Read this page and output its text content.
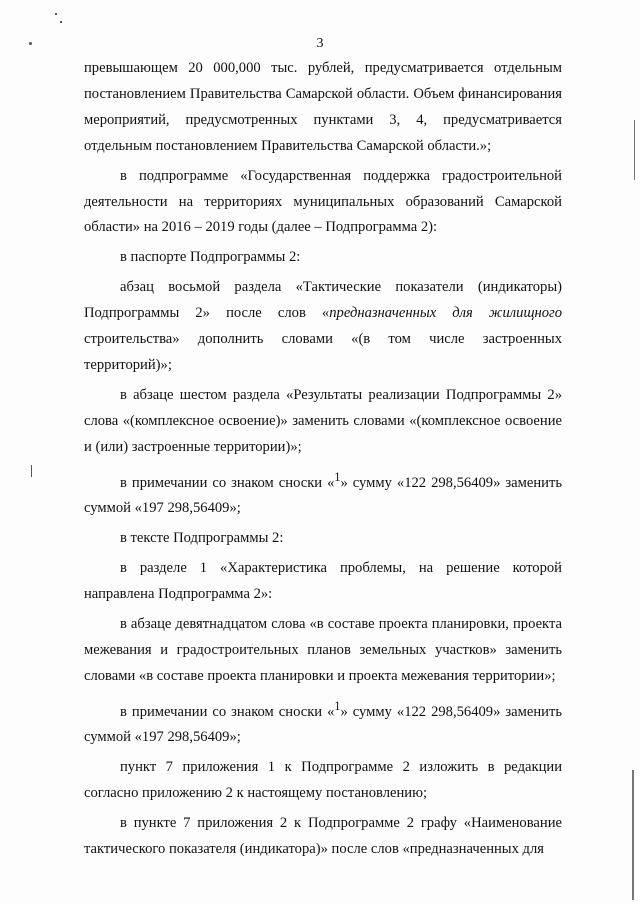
3

превышающем 20 000,000 тыс. рублей, предусматривается отдельным постановлением Правительства Самарской области. Объем финансирования мероприятий, предусмотренных пунктами 3, 4, предусматривается отдельным постановлением Правительства Самарской области.»;

в подпрограмме «Государственная поддержка градостроительной деятельности на территориях муниципальных образований Самарской области» на 2016 – 2019 годы (далее – Подпрограмма 2):

в паспорте Подпрограммы 2:

абзац восьмой раздела «Тактические показатели (индикаторы) Подпрограммы 2» после слов «предназначенных для жилищного строительства» дополнить словами «(в том числе застроенных территорий)»;

в абзаце шестом раздела «Результаты реализации Подпрограммы 2» слова «(комплексное освоение)» заменить словами «(комплексное освоение и (или) застроенные территории)»;

в примечании со знаком сноски «$^1$» сумму «122 298,56409» заменить суммой «197 298,56409»;

в тексте Подпрограммы 2:

в разделе 1 «Характеристика проблемы, на решение которой направлена Подпрограмма 2»:

в абзаце девятнадцатом слова «в составе проекта планировки, проекта межевания и градостроительных планов земельных участков» заменить словами «в составе проекта планировки и проекта межевания территории»;

в примечании со знаком сноски «$^1$» сумму «122 298,56409» заменить суммой «197 298,56409»;

пункт 7 приложения 1 к Подпрограмме 2 изложить в редакции согласно приложению 2 к настоящему постановлению;

в пункте 7 приложения 2 к Подпрограмме 2 графу «Наименование тактического показателя (индикатора)» после слов «предназначенных для
